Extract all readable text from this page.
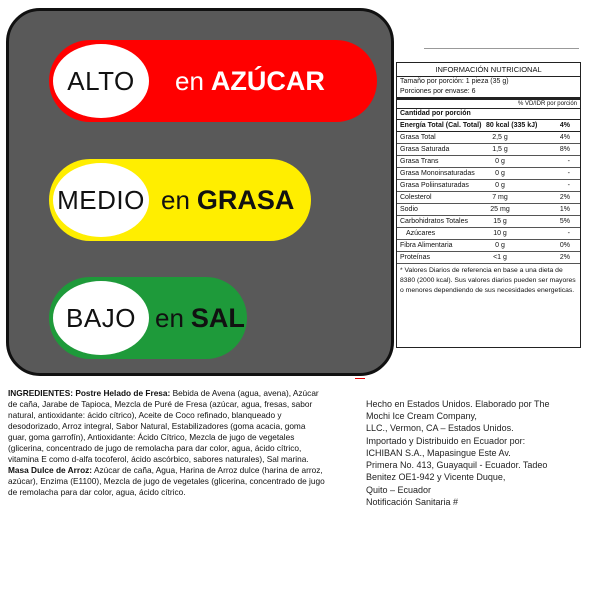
ALTO en AZÚCAR
MEDIO en GRASA
BAJO en SAL
INFORMACIÓN NUTRICIONAL
Tamaño por porción: 1 pieza (35 g)
Porciones por envase: 6
% VD/IDR por porción
Cantidad por porción
Energía Total (Cal. Total) 80 kcal (335 kJ)	4%
Grasa Total	2,5 g	4%
Grasa Saturada	1,5 g	8%
Grasa Trans	0 g	-
Grasa Monoinsaturadas	0 g	-
Grasa Poliinsaturadas	0 g	-
Colesterol	7 mg	2%
Sodio	25 mg	1%
Carbohidratos Totales	15 g	5%
Azúcares	10 g	-
Fibra Alimentaria	0 g	0%
Proteínas	<1 g	2%
* Valores Diarios de referencia en base a una dieta de 8380 (2000 kcal). Sus valores diarios pueden ser mayores o menores dependiendo de sus necesidades energeticas.
INGREDIENTES: Postre Helado de Fresa: Bebida de Avena (agua, avena), Azúcar de caña, Jarabe de Tapioca, Mezcla de Puré de Fresa (azúcar, agua, fresas, sabor natural, antioxidante: ácido cítrico), Aceite de Coco refinado, blanqueado y desodorizado, Arroz integral, Sabor Natural, Estabilizadores (goma acacia, goma guar, goma garrofín), Antioxidante: Ácido Cítrico, Mezcla de jugo de vegetales (glicerina, concentrado de jugo de remolacha para dar color, agua, ácido cítrico, vitamina E como d-alfa tocoferol, ácido ascórbico, sabores naturales), Sal marina.
Masa Dulce de Arroz: Azúcar de caña, Agua, Harina de Arroz dulce (harina de arroz, azúcar), Enzima (E1100), Mezcla de jugo de vegetales (glicerina, concentrado de jugo de remolacha para dar color, agua, ácido cítrico.
Hecho en Estados Unidos. Elaborado por The
Mochi Ice Cream Company,
LLC., Vermon, CA – Estados Unidos.
Importado y Distribuido en Ecuador por:
ICHIBAN S.A., Mapasingue Este Av.
Primera No. 413, Guayaquil - Ecuador. Tadeo
Benitez OE1-942 y Vicente Duque,
Quito – Ecuador
Notificación Sanitaria #
